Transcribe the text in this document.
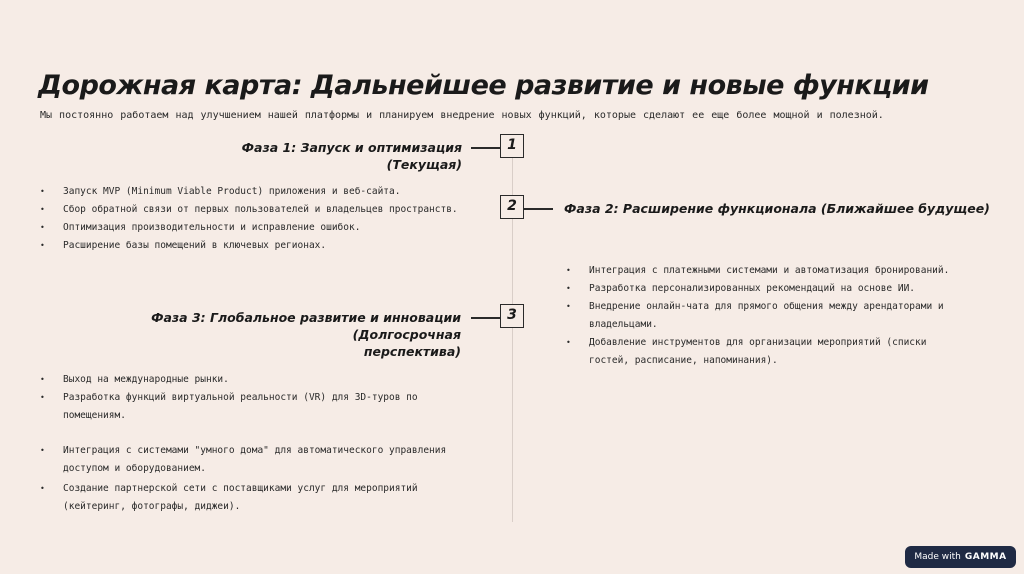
Дорожная карта: Дальнейшее развитие и новые функции
Мы постоянно работаем над улучшением нашей платформы и планируем внедрение новых функций, которые сделают ее еще более мощной и полезной.
Фаза 1: Запуск и оптимизация (Текущая)
1
• Запуск MVP (Minimum Viable Product) приложения и веб-сайта.
• Сбор обратной связи от первых пользователей и владельцев пространств.
• Оптимизация производительности и исправление ошибок.
• Расширение базы помещений в ключевых регионах.
2	Фаза 2: Расширение функционала (Ближайшее будущее)
• Интеграция с платежными системами и автоматизация бронирований.
• Разработка персонализированных рекомендаций на основе ИИ.
• Внедрение онлайн-чата для прямого общения между арендаторами и владельцами.
• Добавление инструментов для организации мероприятий (списки гостей, расписание, напоминания).
Фаза 3: Глобальное развитие и инновации (Долгосрочная
перспектива)
3
• Выход на международные рынки.
• Разработка функций виртуальной реальности (VR) для 3D-туров по помещениям.
• Интеграция с системами "умного дома" для автоматического управления доступом и оборудованием.
• Создание партнерской сети с поставщиками услуг для мероприятий (кейтеринг, фотографы, диджеи).
Made with GAMMA
